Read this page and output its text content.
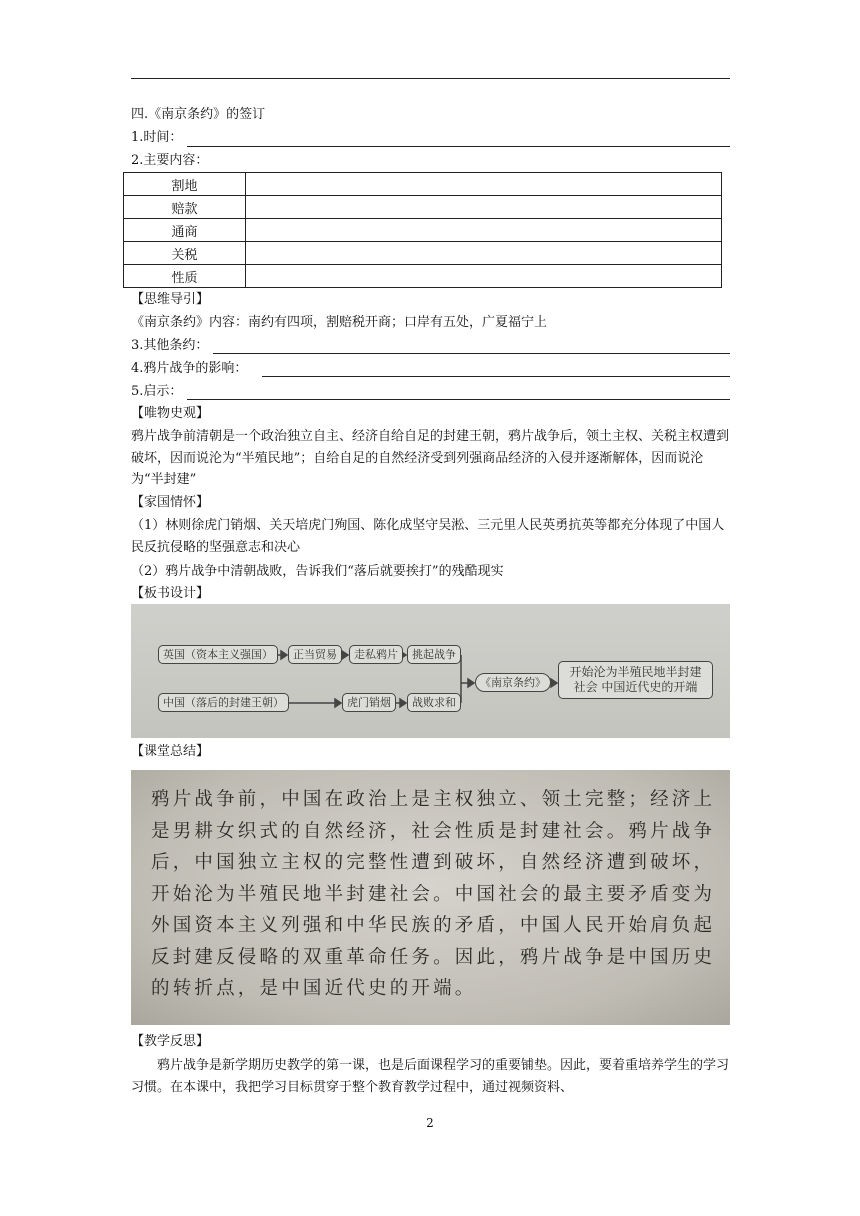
四.《南京条约》的签订
1.时间：
2.主要内容：
割地	
赔款	
通商	
关税	
性质	
【思维导引】
《南京条约》内容：南约有四项，割赔税开商；口岸有五处，广夏福宁上
3.其他条约：
4.鸦片战争的影响：
5.启示：
【唯物史观】
鸦片战争前清朝是一个政治独立自主、经济自给自足的封建王朝，鸦片战争后，领土主权、关税主权遭到破坏，因而说沦为“半殖民地”；自给自足的自然经济受到列强商品经济的入侵并逐渐解体，因而说沦为“半封建”
【家国情怀】
（1）林则徐虎门销烟、关天培虎门殉国、陈化成坚守吴淞、三元里人民英勇抗英等都充分体现了中国人民反抗侵略的坚强意志和决心
（2）鸦片战争中清朝战败，告诉我们“落后就要挨打”的残酷现实
【板书设计】
英国（资本主义强国）	正当贸易	走私鸦片	挑起战争
中国（落后的封建王朝）	虎门销烟	战败求和
《南京条约》
开始沦为半殖民地半封建社会 中国近代史的开端
【课堂总结】
鸦片战争前，中国在政治上是主权独立、领土完整；经济上是男耕女织式的自然经济，社会性质是封建社会。鸦片战争后，中国独立主权的完整性遭到破坏，自然经济遭到破坏，开始沦为半殖民地半封建社会。中国社会的最主要矛盾变为外国资本主义列强和中华民族的矛盾，中国人民开始肩负起反封建反侵略的双重革命任务。因此，鸦片战争是中国历史的转折点，是中国近代史的开端。
【教学反思】
鸦片战争是新学期历史教学的第一课，也是后面课程学习的重要铺垫。因此，要着重培养学生的学习习惯。在本课中，我把学习目标贯穿于整个教育教学过程中，通过视频资料、
2
